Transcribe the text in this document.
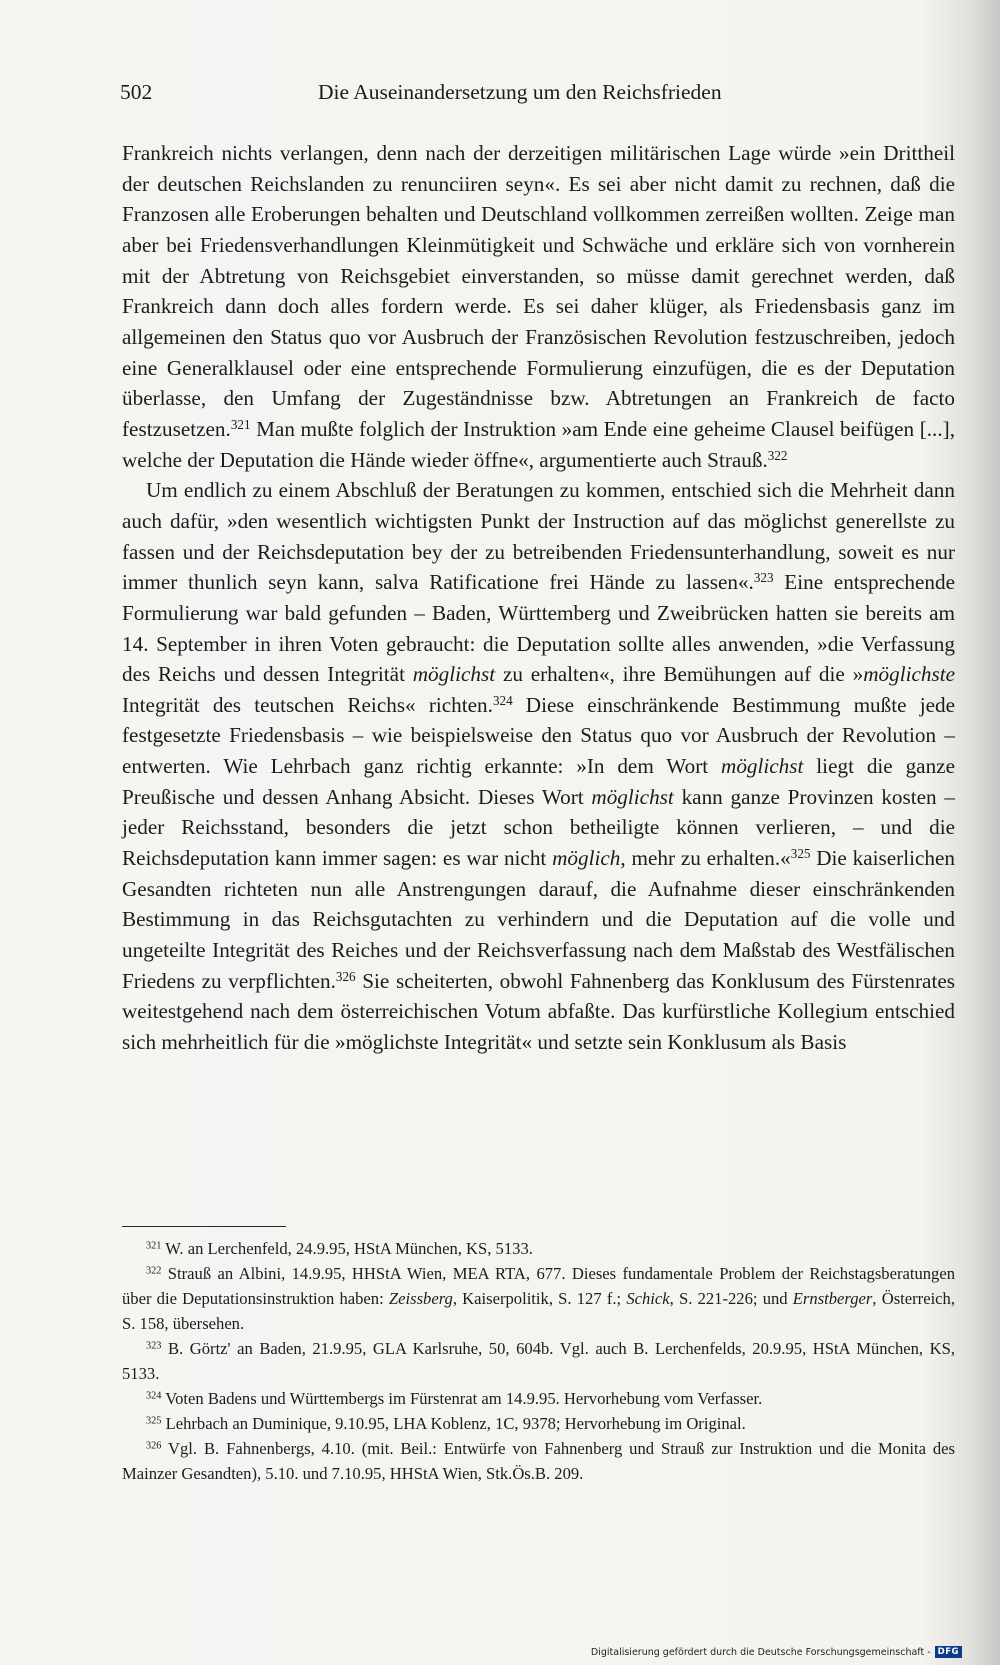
502	Die Auseinandersetzung um den Reichsfrieden

Frankreich nichts verlangen, denn nach der derzeitigen militärischen Lage würde »ein Drittheil der deutschen Reichslanden zu renunciiren seyn«. Es sei aber nicht damit zu rechnen, daß die Franzosen alle Eroberungen behalten und Deutschland vollkommen zerreißen wollten. Zeige man aber bei Friedensverhandlungen Kleinmütigkeit und Schwäche und erkläre sich von vornherein mit der Abtretung von Reichsgebiet einverstanden, so müsse damit gerechnet werden, daß Frankreich dann doch alles fordern werde. Es sei daher klüger, als Friedensbasis ganz im allgemeinen den Status quo vor Ausbruch der Französischen Revolution festzuschreiben, jedoch eine Generalklausel oder eine entsprechende Formulierung einzufügen, die es der Deputation überlasse, den Umfang der Zugeständnisse bzw. Abtretungen an Frankreich de facto festzusetzen.$^{321}$ Man mußte folglich der Instruktion »am Ende eine geheime Clausel beifügen [...], welche der Deputation die Hände wieder öffne«, argumentierte auch Strauß.$^{322}$

Um endlich zu einem Abschluß der Beratungen zu kommen, entschied sich die Mehrheit dann auch dafür, »den wesentlich wichtigsten Punkt der Instruction auf das möglichst generellste zu fassen und der Reichsdeputation bey der zu betreibenden Friedensunterhandlung, soweit es nur immer thunlich seyn kann, salva Ratificatione frei Hände zu lassen«.$^{323}$ Eine entsprechende Formulierung war bald gefunden – Baden, Württemberg und Zweibrücken hatten sie bereits am 14. September in ihren Voten gebraucht: die Deputation sollte alles anwenden, »die Verfassung des Reichs und dessen Integrität möglichst zu erhalten«, ihre Bemühungen auf die »möglichste Integrität des teutschen Reichs« richten.$^{324}$ Diese einschränkende Bestimmung mußte jede festgesetzte Friedensbasis – wie beispielsweise den Status quo vor Ausbruch der Revolution – entwerten. Wie Lehrbach ganz richtig erkannte: »In dem Wort möglichst liegt die ganze Preußische und dessen Anhang Absicht. Dieses Wort möglichst kann ganze Provinzen kosten – jeder Reichsstand, besonders die jetzt schon betheiligte können verlieren, – und die Reichsdeputation kann immer sagen: es war nicht möglich, mehr zu erhalten.«$^{325}$ Die kaiserlichen Gesandten richteten nun alle Anstrengungen darauf, die Aufnahme dieser einschränkenden Bestimmung in das Reichsgutachten zu verhindern und die Deputation auf die volle und ungeteilte Integrität des Reiches und der Reichsverfassung nach dem Maßstab des Westfälischen Friedens zu verpflichten.$^{326}$ Sie scheiterten, obwohl Fahnenberg das Konklusum des Fürstenrates weitestgehend nach dem österreichischen Votum abfaßte. Das kurfürstliche Kollegium entschied sich mehrheitlich für die »möglichste Integrität« und setzte sein Konklusum als Basis

$^{321}$ W. an Lerchenfeld, 24.9.95, HStA München, KS, 5133.

$^{322}$ Strauß an Albini, 14.9.95, HHStA Wien, MEA RTA, 677. Dieses fundamentale Problem der Reichstagsberatungen über die Deputationsinstruktion haben: Zeissberg, Kaiserpolitik, S. 127 f.; Schick, S. 221-226; und Ernstberger, Österreich, S. 158, übersehen.

$^{323}$ B. Görtz' an Baden, 21.9.95, GLA Karlsruhe, 50, 604b. Vgl. auch B. Lerchenfelds, 20.9.95, HStA München, KS, 5133.

$^{324}$ Voten Badens und Württembergs im Fürstenrat am 14.9.95. Hervorhebung vom Verfasser.

$^{325}$ Lehrbach an Duminique, 9.10.95, LHA Koblenz, 1C, 9378; Hervorhebung im Original.

$^{326}$ Vgl. B. Fahnenbergs, 4.10. (mit. Beil.: Entwürfe von Fahnenberg und Strauß zur Instruktion und die Monita des Mainzer Gesandten), 5.10. und 7.10.95, HHStA Wien, Stk.Ös.B. 209.

Digitalisierung gefördert durch die Deutsche Forschungsgemeinschaft - DFG
